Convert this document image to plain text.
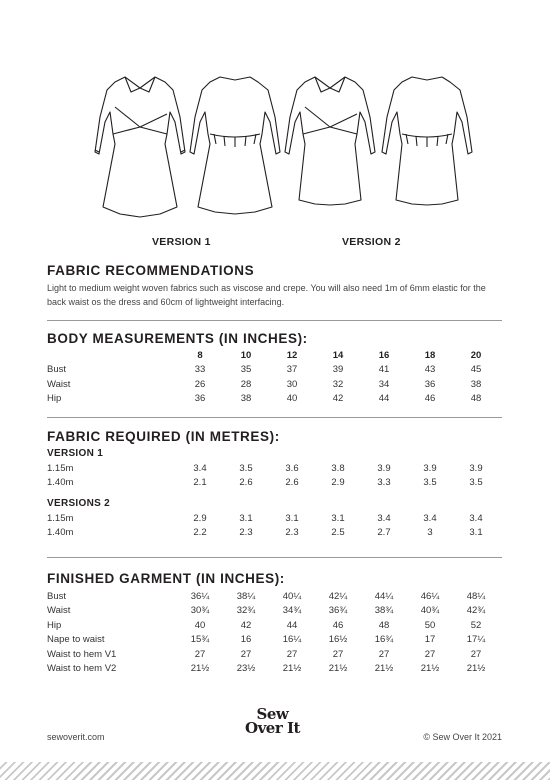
VERSION 1	VERSION 2
FABRIC RECOMMENDATIONS
Light to medium weight woven fabrics such as viscose and crepe. You will also need 1m of 6mm elastic for the back waist os the dress and 60cm of lightweight interfacing.
BODY MEASUREMENTS (IN INCHES):
	8	10	12	14	16	18	20
Bust	33	35	37	39	41	43	45
Waist	26	28	30	32	34	36	38
Hip	36	38	40	42	44	46	48
FABRIC REQUIRED (IN METRES):
VERSION 1
1.15m	3.4	3.5	3.6	3.8	3.9	3.9	3.9
1.40m	2.1	2.6	2.6	2.9	3.3	3.5	3.5
VERSIONS 2
1.15m	2.9	3.1	3.1	3.1	3.4	3.4	3.4
1.40m	2.2	2.3	2.3	2.5	2.7	3	3.1
FINISHED GARMENT (IN INCHES):
Bust	36¼	38¼	40¼	42¼	44¼	46¼	48¼
Waist	30¾	32¾	34¾	36¾	38¾	40¾	42¾
Hip	40	42	44	46	48	50	52
Nape to waist	15¾	16	16¼	16½	16¾	17	17¼
Waist to hem V1	27	27	27	27	27	27	27
Waist to hem V2	21½	23½	21½	21½	21½	21½	21½
Sew
Over It
sewoverit.com	© Sew Over It 2021
